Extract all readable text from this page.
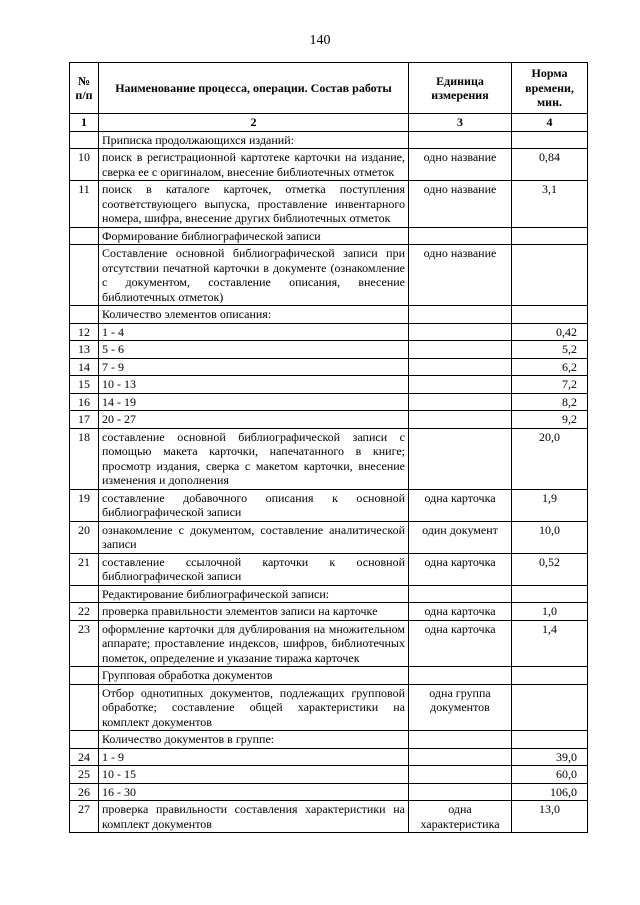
140
№ п/п	Наименование процесса, операции. Состав работы	Единица измерения	Норма времени, мин.
1	2	3	4
	Приписка продолжающихся изданий:		
10	поиск в регистрационной картотеке карточки на издание, сверка ее с оригиналом, внесение библиотечных отметок	одно название	0,84
11	поиск в каталоге карточек, отметка поступления соответствующего выпуска, проставление инвентарного номера, шифра, внесение других библиотечных отметок	одно название	3,1
	Формирование библиографической записи		
	Составление основной библиографической записи при отсутствии печатной карточки в документе (ознакомление с документом, составление описания, внесение библиотечных отметок)	одно название	
	Количество элементов описания:		
12	1 - 4		0,42
13	5 - 6		5,2
14	7 - 9		6,2
15	10 - 13		7,2
16	14 - 19		8,2
17	20 - 27		9,2
18	составление основной библиографической записи с помощью макета карточки, напечатанного в книге; просмотр издания, сверка с макетом карточки, внесение изменения и дополнения		20,0
19	составление добавочного описания к основной библиографической записи	одна карточка	1,9
20	ознакомление с документом, составление аналитической записи	один документ	10,0
21	составление ссылочной карточки к основной библиографической записи	одна карточка	0,52
	Редактирование библиографической записи:		
22	проверка правильности элементов записи на карточке	одна карточка	1,0
23	оформление карточки для дублирования на множительном аппарате; проставление индексов, шифров, библиотечных пометок, определение и указание тиража карточек	одна карточка	1,4
	Групповая обработка документов		
	Отбор однотипных документов, подлежащих групповой обработке; составление общей характеристики на комплект документов	одна группа документов	
	Количество документов в группе:		
24	1 - 9		39,0
25	10 - 15		60,0
26	16 - 30		106,0
27	проверка правильности составления характеристики на комплект документов	одна характеристика	13,0
